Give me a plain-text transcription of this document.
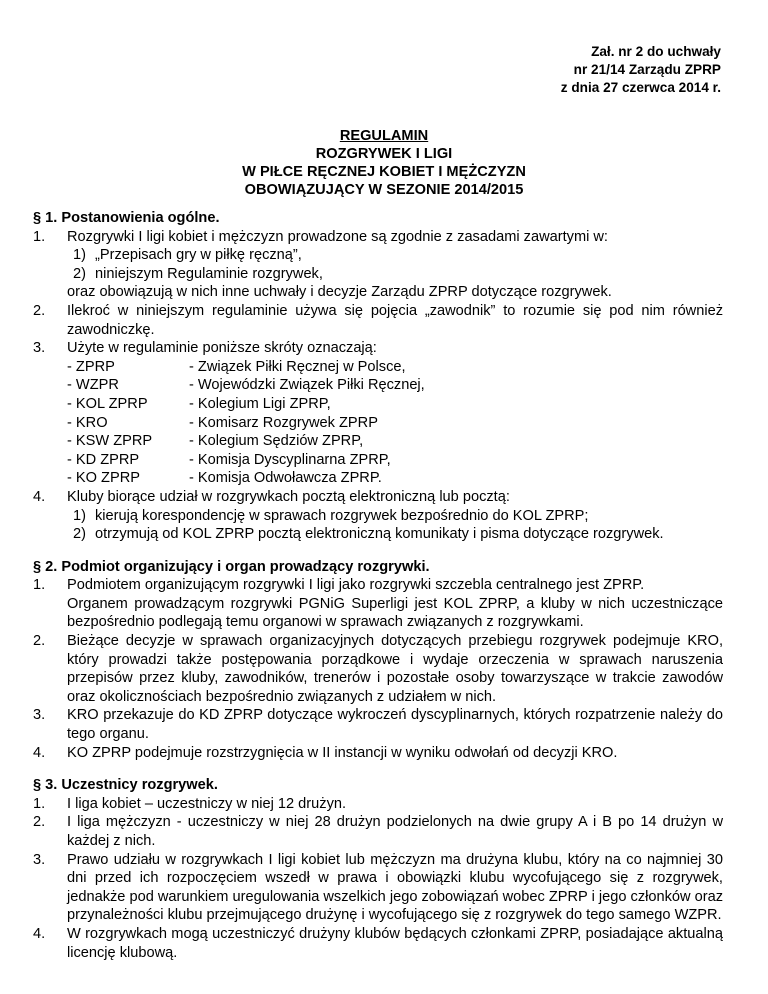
Zał. nr 2 do uchwały
nr 21/14 Zarządu ZPRP
z dnia 27 czerwca 2014 r.
REGULAMIN
ROZGRYWEK I LIGI
W PIŁCE RĘCZNEJ KOBIET I MĘŻCZYZN
OBOWIĄZUJĄCY W SEZONIE 2014/2015
§ 1. Postanowienia ogólne.
1.	Rozgrywki I ligi kobiet i mężczyzn prowadzone są zgodnie z zasadami zawartymi w:
1) „Przepisach gry w piłkę ręczną”,
2) niniejszym Regulaminie rozgrywek,
oraz obowiązują w nich inne uchwały i decyzje Zarządu ZPRP dotyczące rozgrywek.
2.	Ilekroć w niniejszym regulaminie używa się pojęcia „zawodnik” to rozumie się pod nim również zawodniczkę.
3.	Użyte w regulaminie poniższe skróty oznaczają:
- ZPRP	- Związek Piłki Ręcznej w Polsce,
- WZPR	- Wojewódzki Związek Piłki Ręcznej,
- KOL ZPRP	- Kolegium Ligi ZPRP,
- KRO	- Komisarz Rozgrywek ZPRP
- KSW ZPRP	- Kolegium Sędziów ZPRP,
- KD ZPRP	- Komisja Dyscyplinarna ZPRP,
- KO ZPRP	- Komisja Odwoławcza ZPRP.
4.	Kluby biorące udział w rozgrywkach pocztą elektroniczną lub pocztą:
1) kierują korespondencję w sprawach rozgrywek bezpośrednio do KOL ZPRP;
2) otrzymują od KOL ZPRP pocztą elektroniczną komunikaty i pisma dotyczące rozgrywek.
§ 2. Podmiot organizujący i organ prowadzący rozgrywki.
1.	Podmiotem organizującym rozgrywki I ligi jako rozgrywki szczebla centralnego jest ZPRP.
Organem prowadzącym rozgrywki PGNiG Superligi jest KOL ZPRP, a kluby w nich uczestniczące bezpośrednio podlegają temu organowi w sprawach związanych z rozgrywkami.
2.	Bieżące decyzje w sprawach organizacyjnych dotyczących przebiegu rozgrywek podejmuje KRO, który prowadzi także postępowania porządkowe i wydaje orzeczenia w sprawach naruszenia przepisów przez kluby, zawodników, trenerów i pozostałe osoby towarzyszące w trakcie zawodów oraz okolicznościach bezpośrednio związanych z udziałem w nich.
3.	KRO przekazuje do KD ZPRP dotyczące wykroczeń dyscyplinarnych, których rozpatrzenie należy do tego organu.
4.	KO ZPRP podejmuje rozstrzygnięcia w II instancji w wyniku odwołań od decyzji KRO.
§ 3. Uczestnicy rozgrywek.
1.	I liga kobiet – uczestniczy w niej 12 drużyn.
2.	I liga mężczyzn - uczestniczy w niej 28 drużyn podzielonych na dwie grupy A i B po 14 drużyn w każdej z nich.
3.	Prawo udziału w rozgrywkach I ligi kobiet lub mężczyzn ma drużyna klubu, który na co najmniej 30 dni przed ich rozpoczęciem wszedł w prawa i obowiązki klubu wycofującego się z rozgrywek, jednakże pod warunkiem uregulowania wszelkich jego zobowiązań wobec ZPRP i jego członków oraz przynależności klubu przejmującego drużynę i wycofującego się z rozgrywek do tego samego WZPR.
4.	W rozgrywkach mogą uczestniczyć drużyny klubów będących członkami ZPRP, posiadające aktualną licencję klubową.
